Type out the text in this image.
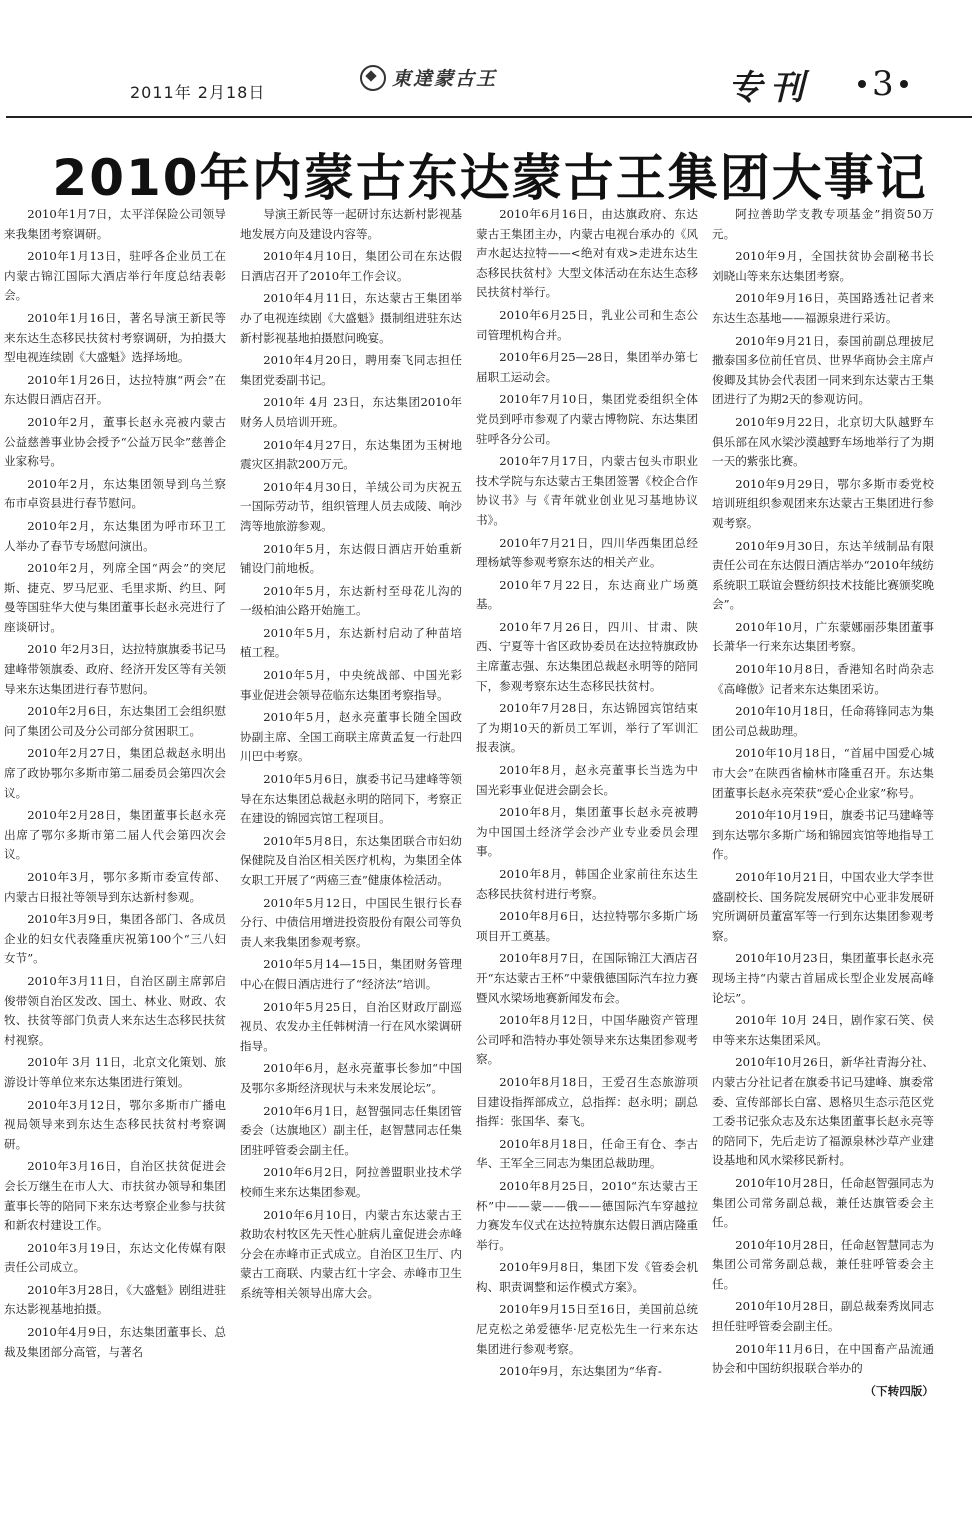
2011年 2月18日
東達蒙古王	专刊 3
2010年内蒙古东达蒙古王集团大事记

2010年1月7日，太平洋保险公司领导来我集团考察调研。

2010年1月13日，驻呼各企业员工在内蒙古锦江国际大酒店举行年度总结表彰会。

2010年1月16日，著名导演王新民等来东达生态移民扶贫村考察调研，为拍摄大型电视连续剧《大盛魁》选择场地。

2010年1月26日，达拉特旗“两会”在东达假日酒店召开。

2010年2月，董事长赵永亮被内蒙古公益慈善事业协会授予“公益万民伞”慈善企业家称号。

2010年2月，东达集团领导到乌兰察布市卓资县进行春节慰问。

2010年2月，东达集团为呼市环卫工人举办了春节专场慰问演出。

2010年2月，列席全国“两会”的突尼斯、捷克、罗马尼亚、毛里求斯、约旦、阿曼等国驻华大使与集团董事长赵永亮进行了座谈研讨。

2010 年2月3日，达拉特旗旗委书记马建峰带领旗委、政府、经济开发区等有关领导来东达集团进行春节慰问。

2010年2月6日，东达集团工会组织慰问了集团公司及分公司部分贫困职工。

2010年2月27日，集团总裁赵永明出席了政协鄂尔多斯市第二届委员会第四次会议。

2010年2月28日，集团董事长赵永亮出席了鄂尔多斯市第二届人代会第四次会议。

2010年3月，鄂尔多斯市委宣传部、内蒙古日报社等领导到东达新村参观。

2010年3月9日，集团各部门、各成员企业的妇女代表隆重庆祝第100个“三八妇女节”。

2010年3月11日，自治区副主席郭启俊带领自治区发改、国土、林业、财政、农牧、扶贫等部门负责人来东达生态移民扶贫村视察。

2010年 3月 11日，北京文化策划、旅游设计等单位来东达集团进行策划。

2010年3月12日，鄂尔多斯市广播电视局领导来到东达生态移民扶贫村考察调研。

2010年3月16日，自治区扶贫促进会会长万继生在市人大、市扶贫办领导和集团董事长等的陪同下来东达考察企业参与扶贫和新农村建设工作。

2010年3月19日，东达文化传媒有限责任公司成立。

2010年3月28日，《大盛魁》剧组进驻东达影视基地拍摄。

2010年4月9日，东达集团董事长、总裁及集团部分高管，与著名

导演王新民等一起研讨东达新村影视基地发展方向及建设内容等。

2010年4月10日，集团公司在东达假日酒店召开了2010年工作会议。

2010年4月11日，东达蒙古王集团举办了电视连续剧《大盛魁》摄制组进驻东达新村影视基地拍摄慰问晚宴。

2010年4月20日，聘用秦飞同志担任集团党委副书记。

2010年 4月 23日，东达集团2010年财务人员培训开班。

2010年4月27日，东达集团为玉树地震灾区捐款200万元。

2010年4月30日，羊绒公司为庆祝五一国际劳动节，组织管理人员去成陵、响沙湾等地旅游参观。

2010年5月，东达假日酒店开始重新铺设门前地板。

2010年5月，东达新村至母花儿沟的一级柏油公路开始施工。

2010年5月，东达新村启动了种苗培植工程。

2010年5月，中央统战部、中国光彩事业促进会领导莅临东达集团考察指导。

2010年5月，赵永亮董事长随全国政协副主席、全国工商联主席黄孟复一行赴四川巴中考察。

2010年5月6日，旗委书记马建峰等领导在东达集团总裁赵永明的陪同下，考察正在建设的锦园宾馆工程项目。

2010年5月8日，东达集团联合市妇幼保健院及自治区相关医疗机构，为集团全体女职工开展了“两癌三查”健康体检活动。

2010年5月12日，中国民生银行长春分行、中债信用增进投资股份有限公司等负责人来我集团参观考察。

2010年5月14—15日，集团财务管理中心在假日酒店进行了“经济法”培训。

2010年5月25日，自治区财政厅副巡视员、农发办主任韩树清一行在风水梁调研指导。

2010年6月，赵永亮董事长参加“中国及鄂尔多斯经济现状与未来发展论坛”。

2010年6月1日，赵智强同志任集团管委会（达旗地区）副主任，赵智慧同志任集团驻呼管委会副主任。

2010年6月2日，阿拉善盟职业技术学校师生来东达集团参观。

2010年6月10日，内蒙古东达蒙古王救助农村牧区先天性心脏病儿童促进会赤峰分会在赤峰市正式成立。自治区卫生厅、内蒙古工商联、内蒙古红十字会、赤峰市卫生系统等相关领导出席大会。

2010年6月16日，由达旗政府、东达蒙古王集团主办，内蒙古电视台承办的《风声水起达拉特——<绝对有戏>走进东达生态移民扶贫村》大型文体活动在东达生态移民扶贫村举行。

2010年6月25日，乳业公司和生态公司管理机构合并。

2010年6月25—28日，集团举办第七届职工运动会。

2010年7月10日，集团党委组织全体党员到呼市参观了内蒙古博物院、东达集团驻呼各分公司。

2010年7月17日，内蒙古包头市职业技术学院与东达蒙古王集团签署《校企合作协议书》与《青年就业创业见习基地协议书》。

2010年7月21日，四川华西集团总经理杨斌等参观考察东达的相关产业。

2010年7月22日，东达商业广场奠基。

2010年7月26日，四川、甘肃、陕西、宁夏等十省区政协委员在达拉特旗政协主席董志强、东达集团总裁赵永明等的陪同下，参观考察东达生态移民扶贫村。

2010年7月28日，东达锦园宾馆结束了为期10天的新员工军训，举行了军训汇报表演。

2010年8月，赵永亮董事长当选为中国光彩事业促进会副会长。

2010年8月，集团董事长赵永亮被聘为中国国土经济学会沙产业专业委员会理事。

2010年8月，韩国企业家前往东达生态移民扶贫村进行考察。

2010年8月6日，达拉特鄂尔多斯广场项目开工奠基。

2010年8月7日，在国际锦江大酒店召开“东达蒙古王杯”中蒙俄德国际汽车拉力赛暨风水梁场地赛新闻发布会。

2010年8月12日，中国华融资产管理公司呼和浩特办事处领导来东达集团参观考察。

2010年8月18日，王爱召生态旅游项目建设指挥部成立，总指挥：赵永明；副总指挥：张国华、秦飞。

2010年8月18日，任命王有仓、李古华、王军全三同志为集团总裁助理。

2010年8月25日，2010“东达蒙古王杯”中——蒙——俄——德国际汽车穿越拉力赛发车仪式在达拉特旗东达假日酒店隆重举行。

2010年9月8日，集团下发《管委会机构、职责调整和运作模式方案》。

2010年9月15日至16日，美国前总统尼克松之弟爱德华·尼克松先生一行来东达集团进行参观考察。

2010年9月，东达集团为“华育-

阿拉善助学支教专项基金”捐资50万元。

2010年9月，全国扶贫协会副秘书长刘晓山等来东达集团考察。

2010年9月16日，英国路透社记者来东达生态基地——福源泉进行采访。

2010年9月21日，泰国前副总理披尼撒泰国多位前任官员、世界华商协会主席卢俊卿及其协会代表团一同来到东达蒙古王集团进行了为期2天的参观访问。

2010年9月22日，北京切大队越野车俱乐部在风水梁沙漠越野车场地举行了为期一天的紫张比赛。

2010年9月29日，鄂尔多斯市委党校培训班组织参观团来东达蒙古王集团进行参观考察。

2010年9月30日，东达羊绒制品有限责任公司在东达假日酒店举办“2010年绒纺系统职工联谊会暨纺织技术技能比赛颁奖晚会”。

2010年10月，广东蒙娜丽莎集团董事长萧华一行来东达集团考察。

2010年10月8日，香港知名时尚杂志《高峰傲》记者来东达集团采访。

2010年10月18日，任命蒋锋同志为集团公司总裁助理。

2010年10月18日，“首届中国爱心城市大会”在陕西省榆林市隆重召开。东达集团董事长赵永亮荣获“爱心企业家”称号。

2010年10月19日，旗委书记马建峰等到东达鄂尔多斯广场和锦园宾馆等地指导工作。

2010年10月21日，中国农业大学李世盛副校长、国务院发展研究中心亚非发展研究所调研员董富军等一行到东达集团参观考察。

2010年10月23日，集团董事长赵永亮现场主持“内蒙古首届成长型企业发展高峰论坛”。

2010年 10月 24日，剧作家石笑、侯申等来东达集团采风。

2010年10月26日，新华社青海分社、内蒙古分社记者在旗委书记马建峰、旗委常委、宣传部部长白富、恩格贝生态示范区党工委书记张众志及东达集团董事长赵永亮等的陪同下，先后走访了福源泉林沙草产业建设基地和风水梁移民新村。

2010年10月28日，任命赵智强同志为集团公司常务副总裁，兼任达旗管委会主任。

2010年10月28日，任命赵智慧同志为集团公司常务副总裁，兼任驻呼管委会主任。

2010年10月28日，副总裁秦秀岚同志担任驻呼管委会副主任。

2010年11月6日，在中国畜产品流通协会和中国纺织报联合举办的

（下转四版）
